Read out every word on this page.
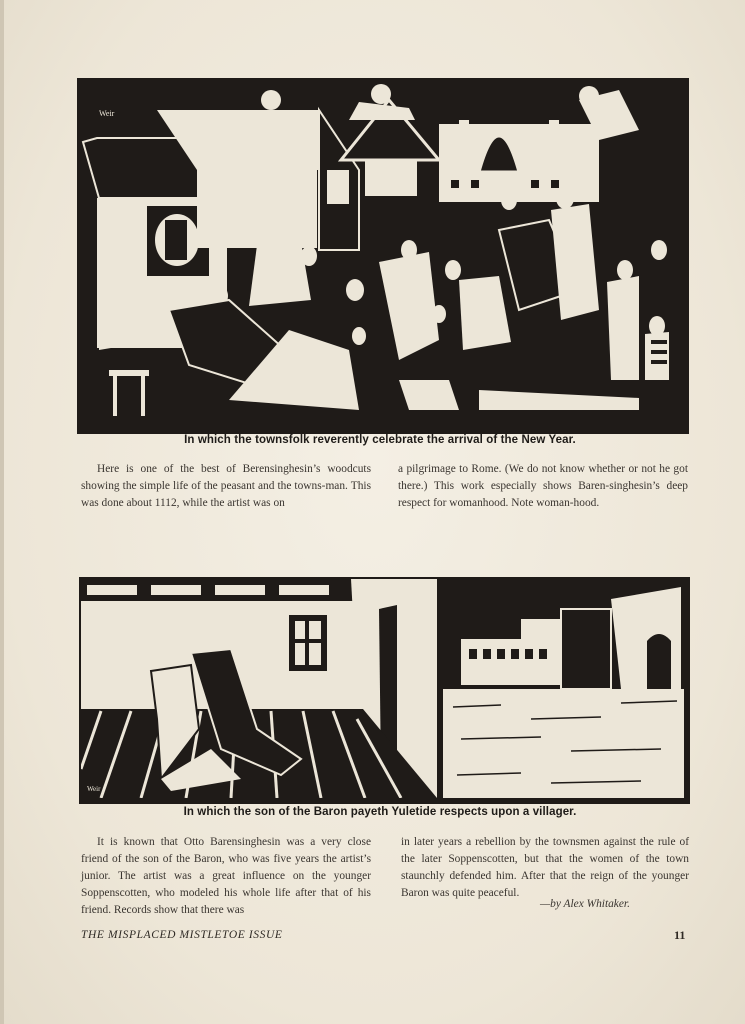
Weir
In which the townsfolk reverently celebrate the arrival of the New Year.

Here is one of the best of Berensinghesin’s woodcuts showing the simple life of the peasant and the towns-man. This was done about 1112, while the artist was on

a pilgrimage to Rome. (We do not know whether or not he got there.) This work especially shows Baren-singhesin’s deep respect for womanhood. Note woman-hood.

Weir
In which the son of the Baron payeth Yuletide respects upon a villager.

It is known that Otto Barensinghesin was a very close friend of the son of the Baron, who was five years the artist’s junior. The artist was a great influence on the younger Soppenscotten, who modeled his whole life after that of his friend. Records show that there was

in later years a rebellion by the townsmen against the rule of the later Soppenscotten, but that the women of the town staunchly defended him. After that the reign of the younger Baron was quite peaceful.

—by Alex Whitaker.
THE MISPLACED MISTLETOE ISSUE	11
